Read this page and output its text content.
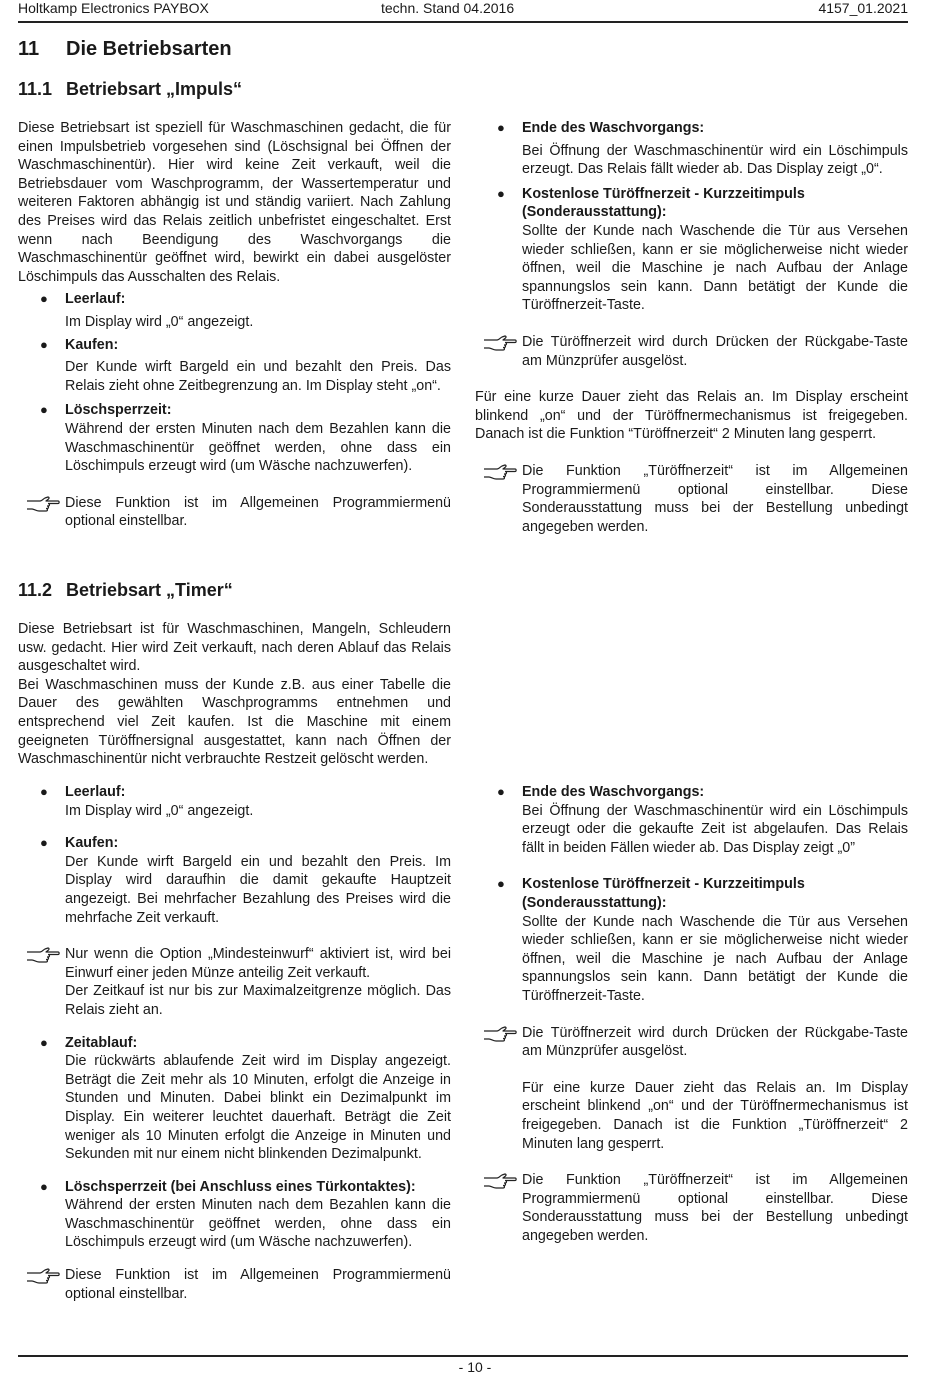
Holtkamp Electronics PAYBOX	techn. Stand 04.2016	4157_01.2021
11 Die Betriebsarten
11.1 Betriebsart „Impuls“

Diese Betriebsart ist speziell für Waschmaschinen gedacht, die für einen Impulsbetrieb vorgesehen sind (Löschsignal bei Öffnen der Waschmaschinentür). Hier wird keine Zeit verkauft, weil die Betriebsdauer vom Waschprogramm, der Wassertemperatur und weiteren Faktoren abhängig ist und ständig variiert. Nach Zahlung des Preises wird das Relais zeitlich unbefristet eingeschaltet. Erst wenn nach Beendigung des Waschvorgangs die Waschmaschinentür geöffnet wird, bewirkt ein dabei ausgelöster Löschimpuls das Ausschalten des Relais.

● Leerlauf:
Im Display wird „0“ angezeigt.
● Kaufen:
Der Kunde wirft Bargeld ein und bezahlt den Preis. Das Relais zieht ohne Zeitbegrenzung an. Im Display steht „on“.
● Löschsperrzeit:
Während der ersten Minuten nach dem Bezahlen kann die Waschmaschinentür geöffnet werden, ohne dass ein Löschimpuls erzeugt wird (um Wäsche nachzuwerfen).
Diese Funktion ist im Allgemeinen Programmiermenü optional einstellbar.
● Ende des Waschvorgangs:
Bei Öffnung der Waschmaschinentür wird ein Löschimpuls erzeugt. Das Relais fällt wieder ab. Das Display zeigt „0“.
● Kostenlose Türöffnerzeit - Kurzzeitimpuls (Sonderausstattung):
Sollte der Kunde nach Waschende die Tür aus Versehen wieder schließen, kann er sie möglicherweise nicht wieder öffnen, weil die Maschine je nach Aufbau der Anlage spannungslos sein kann. Dann betätigt der Kunde die Türöffnerzeit-Taste.
Die Türöffnerzeit wird durch Drücken der Rückgabe-Taste am Münzprüfer ausgelöst.

Für eine kurze Dauer zieht das Relais an. Im Display erscheint blinkend „on“ und der Türöffnermechanismus ist freigegeben. Danach ist die Funktion “Türöffnerzeit“ 2 Minuten lang gesperrt.

Die Funktion „Türöffnerzeit“ ist im Allgemeinen Programmiermenü optional einstellbar. Diese Sonderausstattung muss bei der Bestellung unbedingt angegeben werden.
11.2 Betriebsart „Timer“

Diese Betriebsart ist für Waschmaschinen, Mangeln, Schleudern usw. gedacht. Hier wird Zeit verkauft, nach deren Ablauf das Relais ausgeschaltet wird.

Bei Waschmaschinen muss der Kunde z.B. aus einer Tabelle die Dauer des gewählten Waschprogramms entnehmen und entsprechend viel Zeit kaufen. Ist die Maschine mit einem geeigneten Türöffnersignal ausgestattet, kann nach Öffnen der Waschmaschinentür nicht verbrauchte Restzeit gelöscht werden.

● Leerlauf:
Im Display wird „0“ angezeigt.
● Kaufen:
Der Kunde wirft Bargeld ein und bezahlt den Preis. Im Display wird daraufhin die damit gekaufte Hauptzeit angezeigt. Bei mehrfacher Bezahlung des Preises wird die mehrfache Zeit verkauft.
Nur wenn die Option „Mindesteinwurf“ aktiviert ist, wird bei Einwurf einer jeden Münze anteilig Zeit verkauft.
Der Zeitkauf ist nur bis zur Maximalzeitgrenze möglich. Das Relais zieht an.
● Zeitablauf:
Die rückwärts ablaufende Zeit wird im Display angezeigt. Beträgt die Zeit mehr als 10 Minuten, erfolgt die Anzeige in Stunden und Minuten. Dabei blinkt ein Dezimalpunkt im Display. Ein weiterer leuchtet dauerhaft. Beträgt die Zeit weniger als 10 Minuten erfolgt die Anzeige in Minuten und Sekunden mit nur einem nicht blinkenden Dezimalpunkt.
● Löschsperrzeit (bei Anschluss eines Türkontaktes):
Während der ersten Minuten nach dem Bezahlen kann die Waschmaschinentür geöffnet werden, ohne dass ein Löschimpuls erzeugt wird (um Wäsche nachzuwerfen).
Diese Funktion ist im Allgemeinen Programmiermenü optional einstellbar.
● Ende des Waschvorgangs:
Bei Öffnung der Waschmaschinentür wird ein Löschimpuls erzeugt oder die gekaufte Zeit ist abgelaufen. Das Relais fällt in beiden Fällen wieder ab. Das Display zeigt „0”
● Kostenlose Türöffnerzeit - Kurzzeitimpuls (Sonderausstattung):
Sollte der Kunde nach Waschende die Tür aus Versehen wieder schließen, kann er sie möglicherweise nicht wieder öffnen, weil die Maschine je nach Aufbau der Anlage spannungslos sein kann. Dann betätigt der Kunde die Türöffnerzeit-Taste.
Die Türöffnerzeit wird durch Drücken der Rückgabe-Taste am Münzprüfer ausgelöst.
Für eine kurze Dauer zieht das Relais an. Im Display erscheint blinkend „on“ und der Türöffnermechanismus ist freigegeben. Danach ist die Funktion „Türöffnerzeit“ 2 Minuten lang gesperrt.
Die Funktion „Türöffnerzeit“ ist im Allgemeinen Programmiermenü optional einstellbar. Diese Sonderausstattung muss bei der Bestellung unbedingt angegeben werden.
- 10 -
